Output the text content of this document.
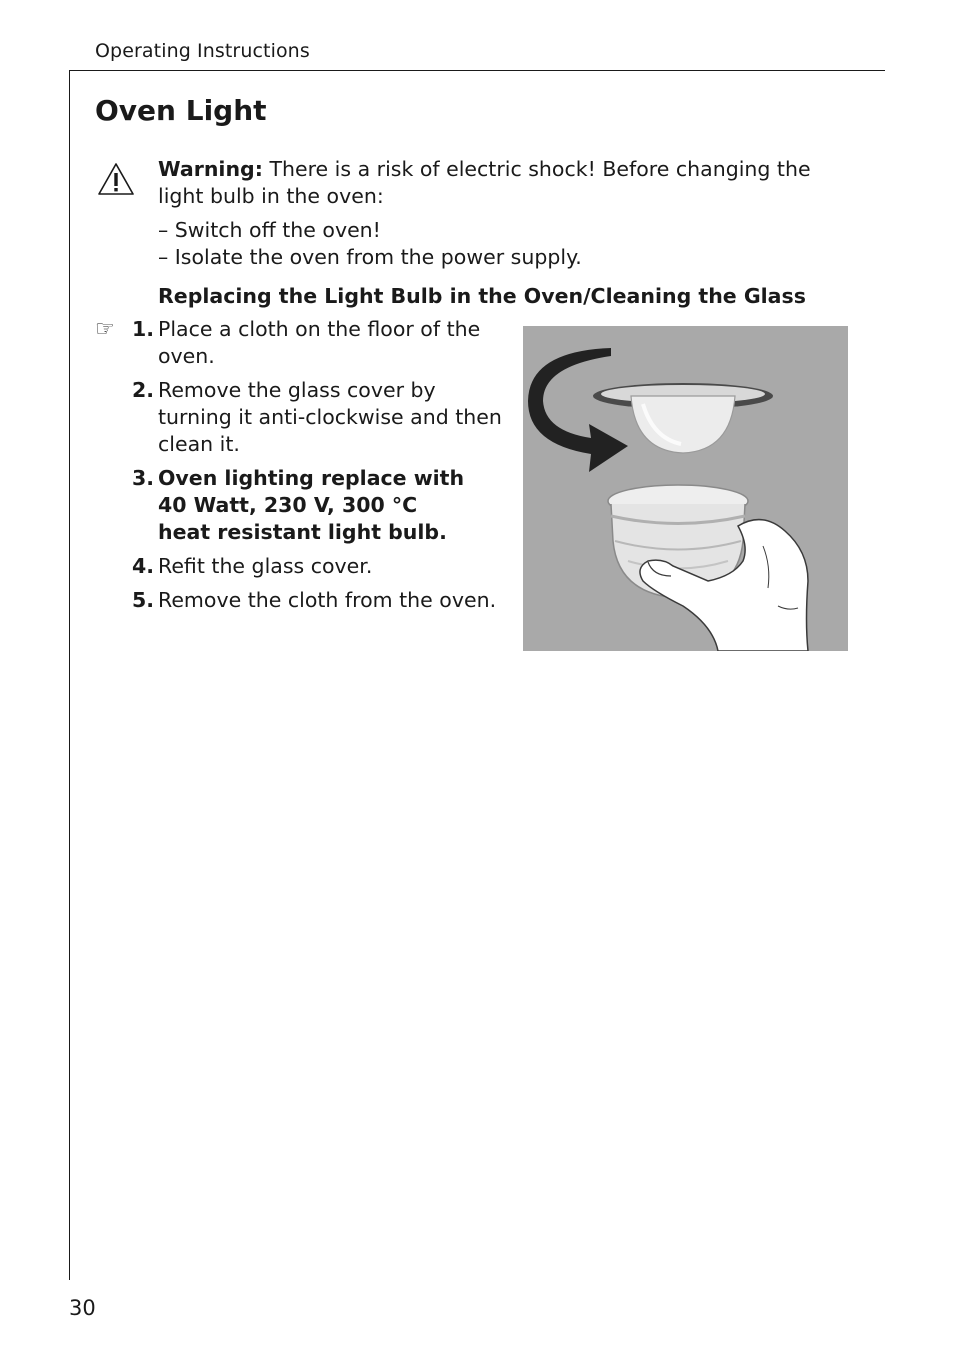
Operating Instructions
Oven Light
Warning: There is a risk of electric shock! Before changing the light bulb in the oven:
– Switch off the oven!
– Isolate the oven from the power supply.
Replacing the Light Bulb in the Oven/Cleaning the Glass
☞ 1. Place a cloth on the floor of the oven.
2. Remove the glass cover by turning it anti-clockwise and then clean it.
3. Oven lighting replace with
40 Watt, 230 V, 300 °C
heat resistant light bulb.
4. Refit the glass cover.
5. Remove the cloth from the oven.
30
